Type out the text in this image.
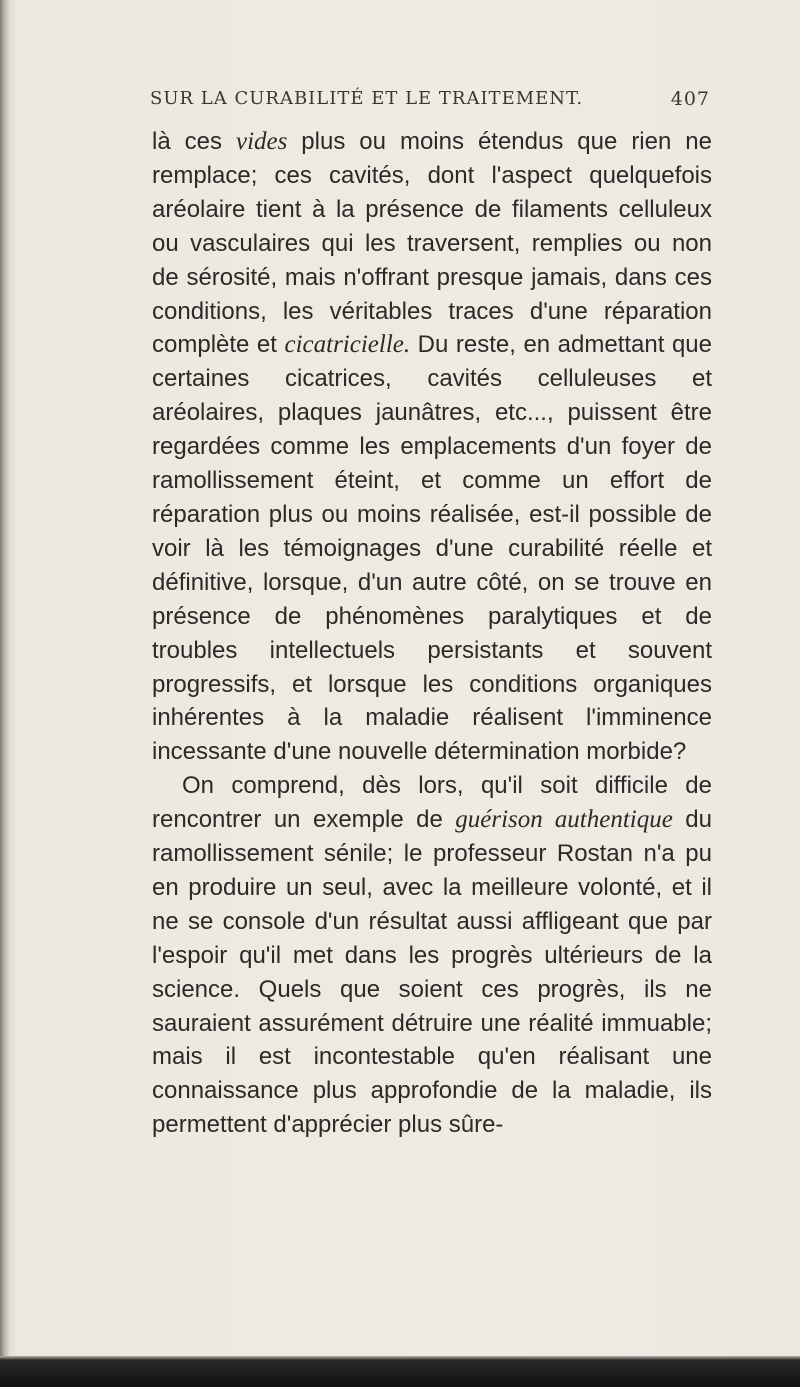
SUR LA CURABILITÉ ET LE TRAITEMENT.	407

là ces vides plus ou moins étendus que rien ne remplace; ces cavités, dont l'aspect quelquefois aréolaire tient à la présence de filaments celluleux ou vasculaires qui les traversent, remplies ou non de sérosité, mais n'offrant presque jamais, dans ces conditions, les véritables traces d'une réparation complète et cicatricielle. Du reste, en admettant que certaines cicatrices, cavités celluleuses et aréolaires, plaques jaunâtres, etc..., puissent être regardées comme les emplacements d'un foyer de ramollissement éteint, et comme un effort de réparation plus ou moins réalisée, est-il possible de voir là les témoignages d'une curabilité réelle et définitive, lorsque, d'un autre côté, on se trouve en présence de phénomènes paralytiques et de troubles intellectuels persistants et souvent progressifs, et lorsque les conditions organiques inhérentes à la maladie réalisent l'imminence incessante d'une nouvelle détermination morbide?

On comprend, dès lors, qu'il soit difficile de rencontrer un exemple de guérison authentique du ramollissement sénile; le professeur Rostan n'a pu en produire un seul, avec la meilleure volonté, et il ne se console d'un résultat aussi affligeant que par l'espoir qu'il met dans les progrès ultérieurs de la science. Quels que soient ces progrès, ils ne sauraient assurément détruire une réalité immuable; mais il est incontestable qu'en réalisant une connaissance plus approfondie de la maladie, ils permettent d'apprécier plus sûre-
